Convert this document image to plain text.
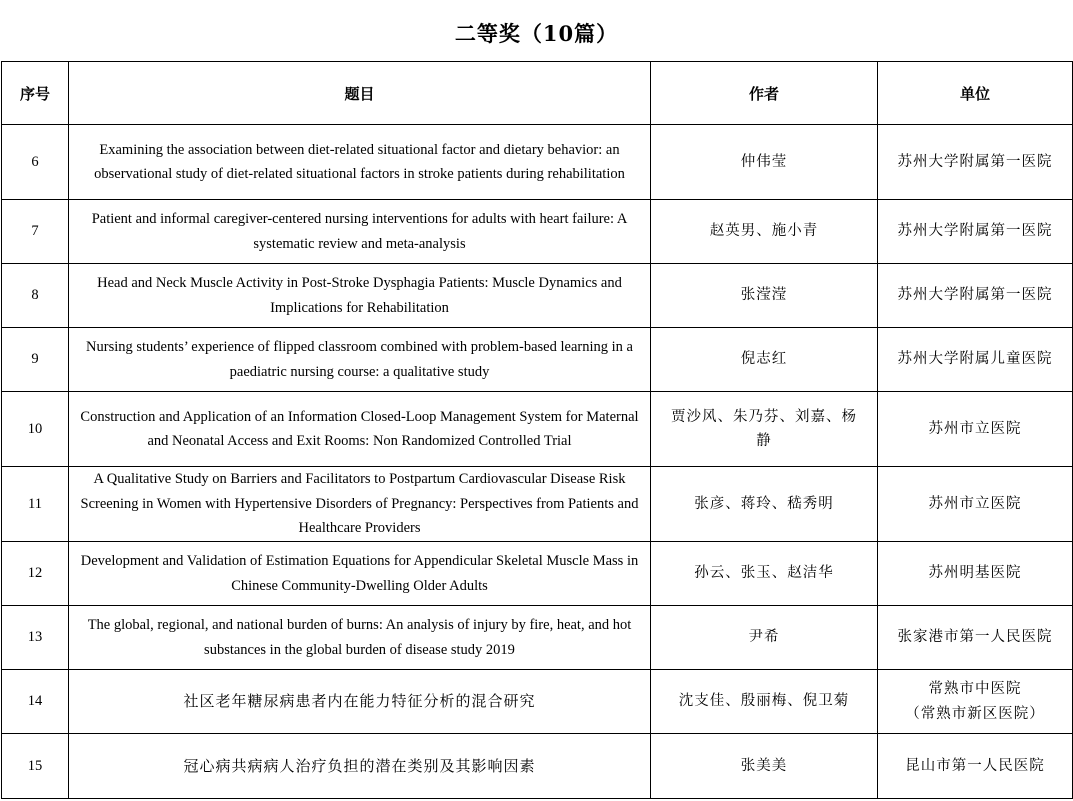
二等奖（10篇）
序号	题目	作者	单位
6	Examining the association between diet-related situational factor and dietary behavior: an observational study of diet-related situational factors in stroke patients during rehabilitation	仲伟莹	苏州大学附属第一医院

7	Patient and informal caregiver-centered nursing interventions for adults with heart failure: A systematic review and meta-analysis	赵英男、施小青	苏州大学附属第一医院

8	Head and Neck Muscle Activity in Post-Stroke Dysphagia Patients: Muscle Dynamics and Implications for Rehabilitation	张滢滢	苏州大学附属第一医院

9	Nursing students’ experience of flipped classroom combined with problem-based learning in a paediatric nursing course: a qualitative study	倪志红	苏州大学附属儿童医院

10	Construction and Application of an Information Closed-Loop Management System for Maternal and Neonatal Access and Exit Rooms: Non Randomized Controlled Trial	贾沙风、朱乃芬、刘嘉、杨静	苏州市立医院

11	A Qualitative Study on Barriers and Facilitators to Postpartum Cardiovascular Disease Risk Screening in Women with Hypertensive Disorders of Pregnancy: Perspectives from Patients and Healthcare Providers	张彦、蒋玲、嵇秀明	苏州市立医院

12	Development and Validation of Estimation Equations for Appendicular Skeletal Muscle Mass in Chinese Community-Dwelling Older Adults	孙云、张玉、赵洁华	苏州明基医院

13	The global, regional, and national burden of burns: An analysis of injury by fire, heat, and hot substances in the global burden of disease study 2019	尹希	张家港市第一人民医院

14	社区老年糖尿病患者内在能力特征分析的混合研究	沈支佳、殷丽梅、倪卫菊	常熟市中医院
（常熟市新区医院）

15	冠心病共病病人治疗负担的潜在类别及其影响因素	张美美	昆山市第一人民医院
